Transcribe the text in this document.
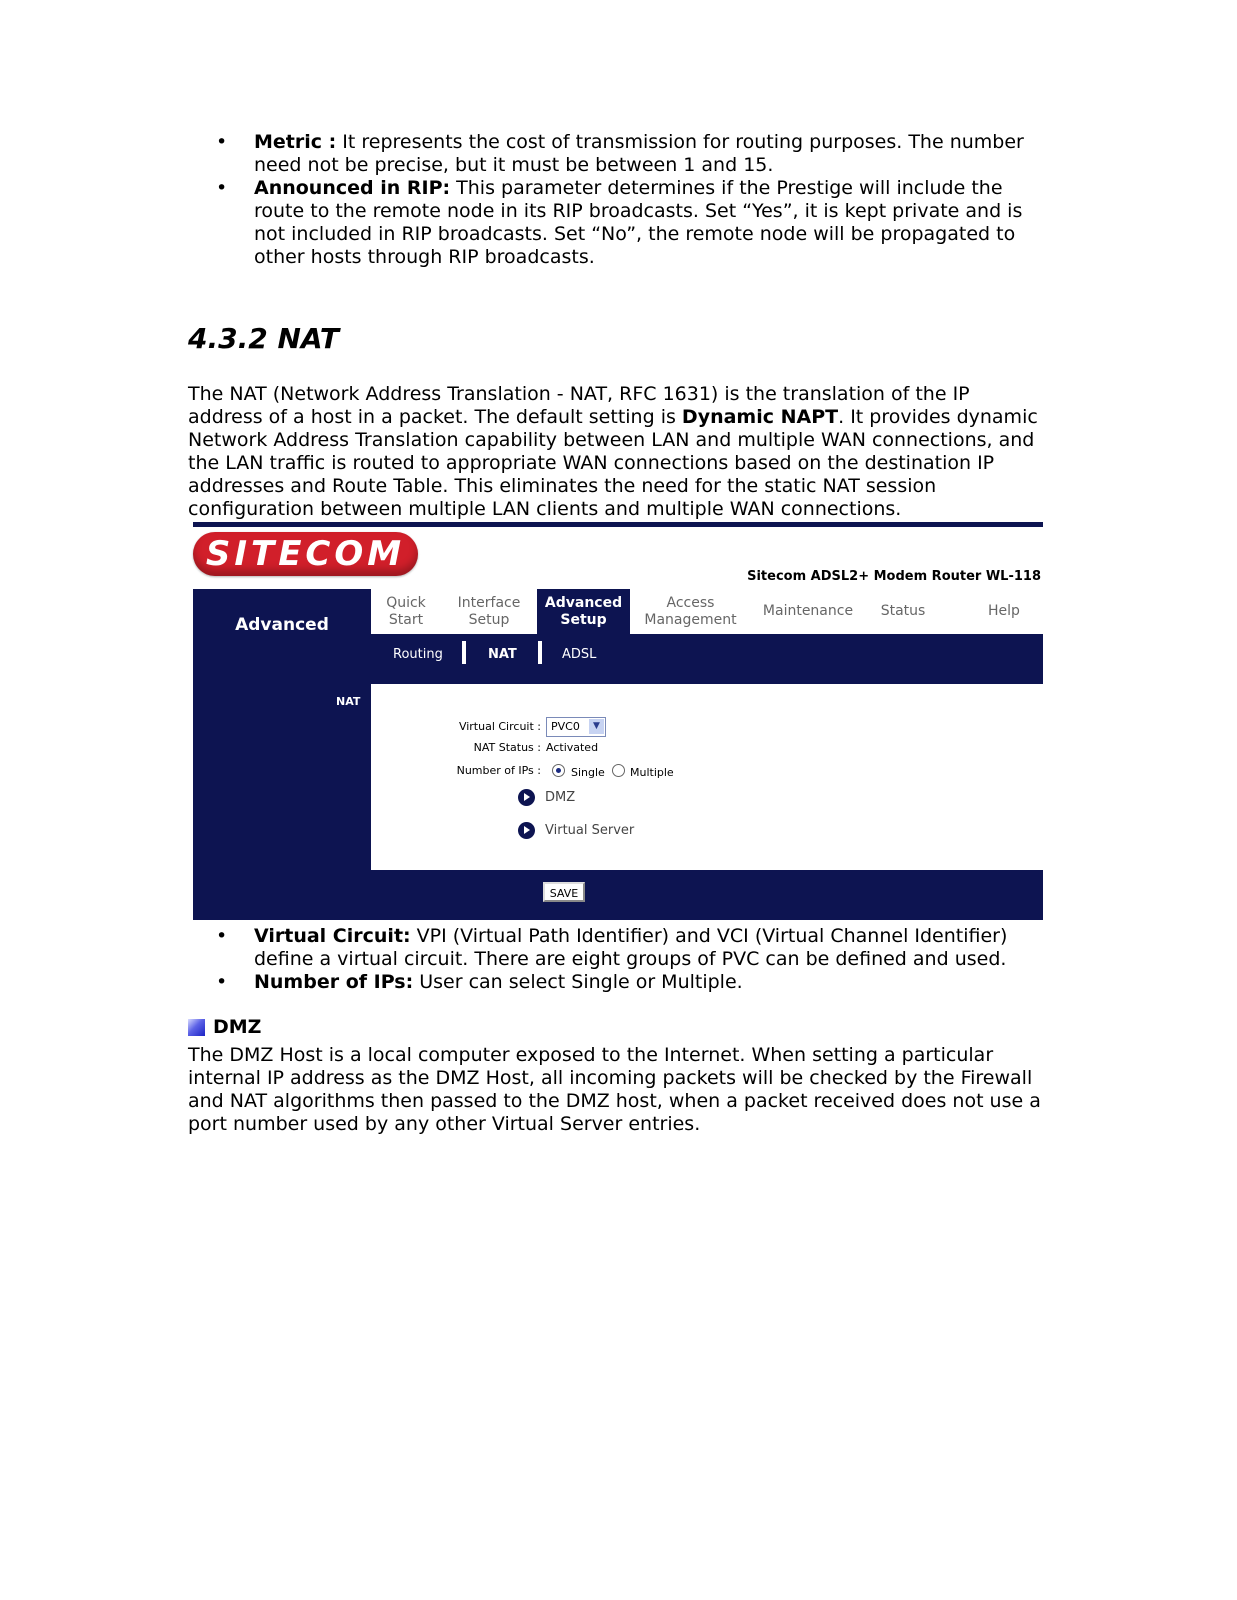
• Metric : It represents the cost of transmission for routing purposes. The number need not be precise, but it must be between 1 and 15.
• Announced in RIP: This parameter determines if the Prestige will include the route to the remote node in its RIP broadcasts. Set “Yes”, it is kept private and is not included in RIP broadcasts. Set “No”, the remote node will be propagated to other hosts through RIP broadcasts.
4.3.2 NAT

The NAT (Network Address Translation - NAT, RFC 1631) is the translation of the IP address of a host in a packet. The default setting is Dynamic NAPT. It provides dynamic Network Address Translation capability between LAN and multiple WAN connections, and the LAN traffic is routed to appropriate WAN connections based on the destination IP addresses and Route Table. This eliminates the need for the static NAT session configuration between multiple LAN clients and multiple WAN connections.

SITECOM
Sitecom ADSL2+ Modem Router WL-118
Advanced
NAT
Quick
Start
Interface
Setup
Advanced
Setup
Access
Management
Maintenance Status	Help
Routing	NAT	ADSL
Virtual Circuit : PVC0	▼
NAT Status : Activated
Number of IPs :	Single Multiple
DMZ
Virtual Server
SAVE
• Virtual Circuit: VPI (Virtual Path Identifier) and VCI (Virtual Channel Identifier) define a virtual circuit. There are eight groups of PVC can be defined and used.
• Number of IPs: User can select Single or Multiple.
DMZ

The DMZ Host is a local computer exposed to the Internet. When setting a particular internal IP address as the DMZ Host, all incoming packets will be checked by the Firewall and NAT algorithms then passed to the DMZ host, when a packet received does not use a port number used by any other Virtual Server entries.
